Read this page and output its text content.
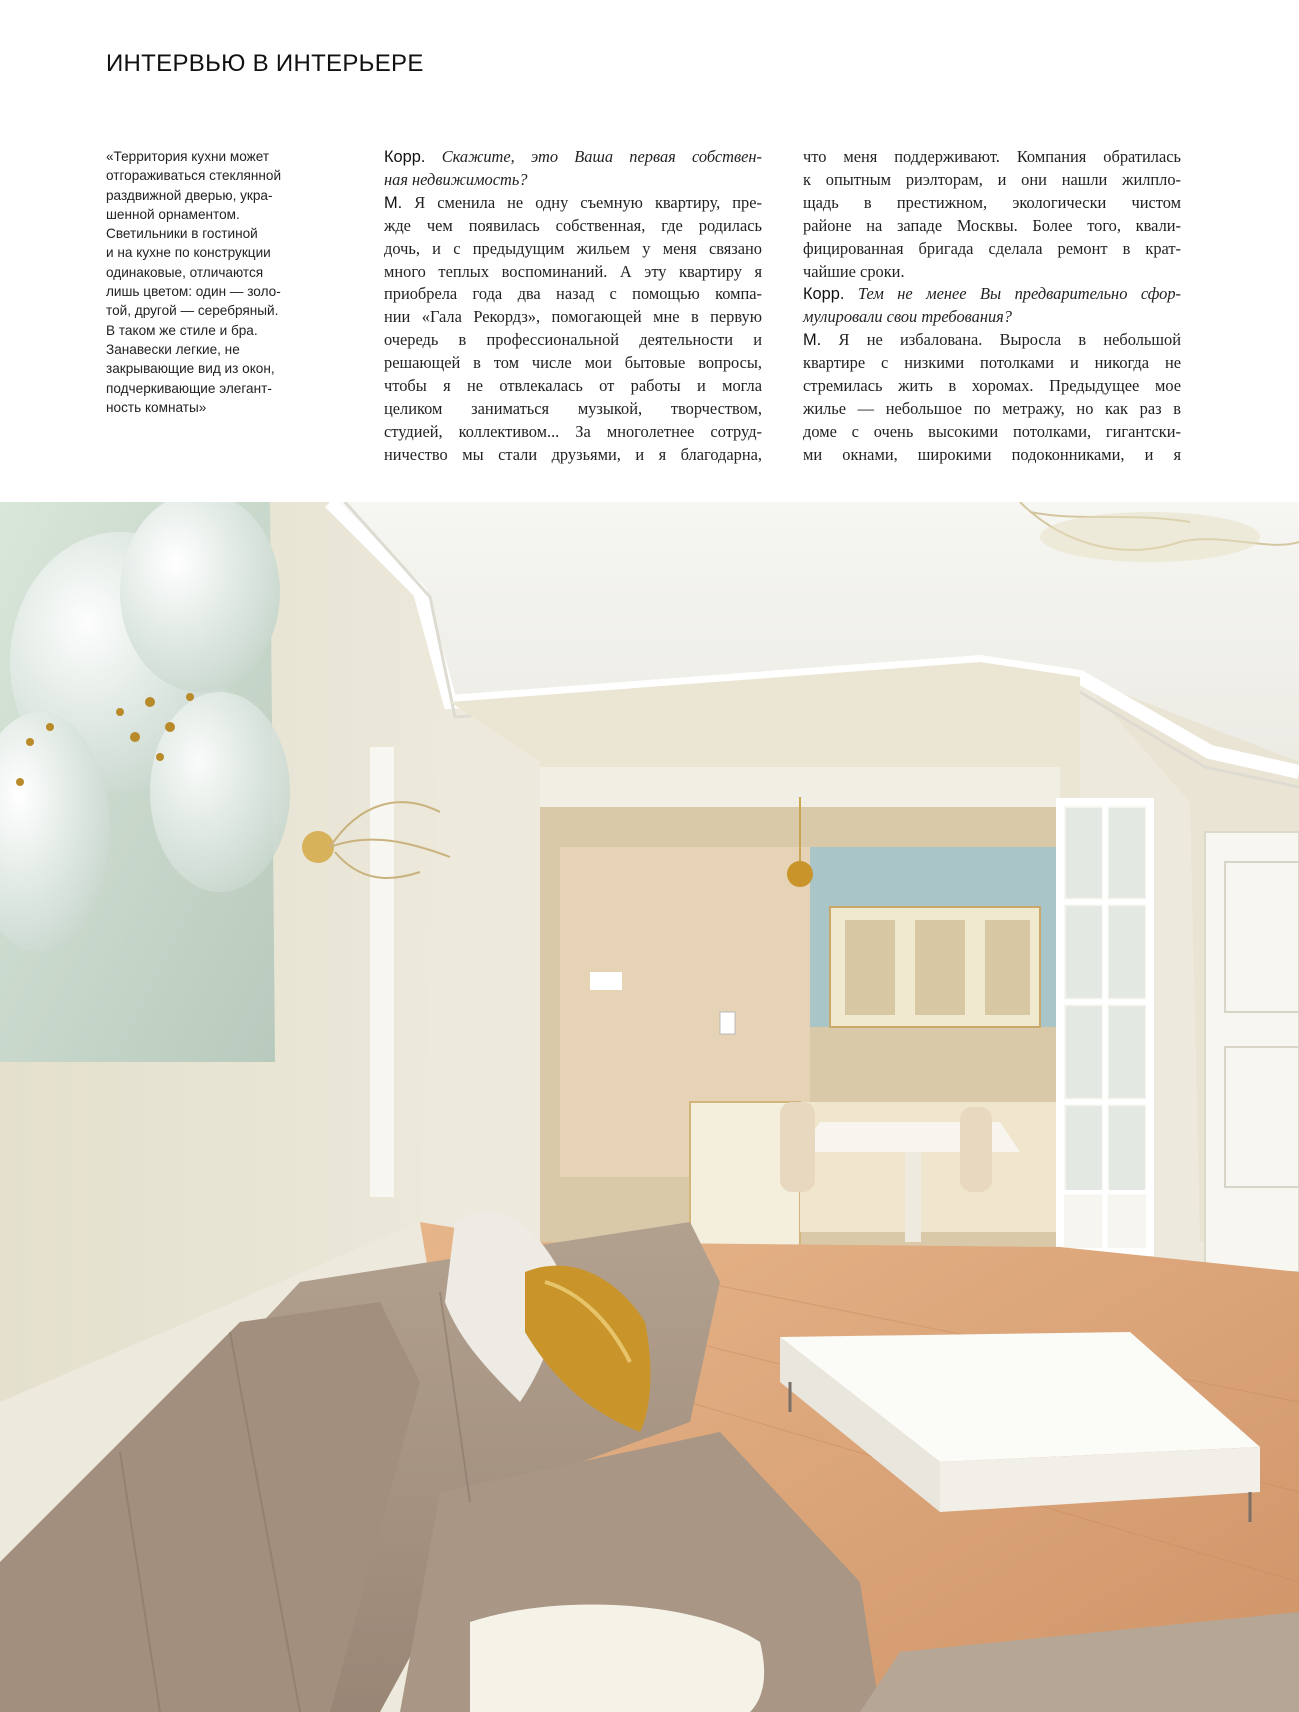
ИНТЕРВЬЮ В ИНТЕРЬЕРЕ
«Территория кухни может
отгораживаться стеклянной
раздвижной дверью, укра-
шенной орнаментом.
Светильники в гостиной
и на кухне по конструкции
одинаковые, отличаются
лишь цветом: один — золо-
той, другой — серебряный.
В таком же стиле и бра.
Занавески легкие, не
закрывающие вид из окон,
подчеркивающие элегант-
ность комнаты»
Корр. Скажите, это Ваша первая собствен-
ная недвижимость?
М. Я сменила не одну съемную квартиру, пре-
жде чем появилась собственная, где родилась
дочь, и с предыдущим жильем у меня связано
много теплых воспоминаний. А эту квартиру я
приобрела года два назад с помощью компа-
нии «Гала Рекордз», помогающей мне в первую
очередь в профессиональной деятельности и
решающей в том числе мои бытовые вопросы,
чтобы я не отвлекалась от работы и могла
целиком заниматься музыкой, творчеством,
студией, коллективом... За многолетнее сотруд-
ничество мы стали друзьями, и я благодарна,
что меня поддерживают. Компания обратилась
к опытным риэлторам, и они нашли жилпло-
щадь в престижном, экологически чистом
районе на западе Москвы. Более того, квали-
фицированная бригада сделала ремонт в крат-
чайшие сроки.
Корр. Тем не менее Вы предварительно сфор-
мулировали свои требования?
М. Я не избалована. Выросла в небольшой
квартире с низкими потолками и никогда не
стремилась жить в хоромах. Предыдущее мое
жилье — небольшое по метражу, но как раз в
доме с очень высокими потолками, гигантски-
ми окнами, широкими подоконниками, и я
